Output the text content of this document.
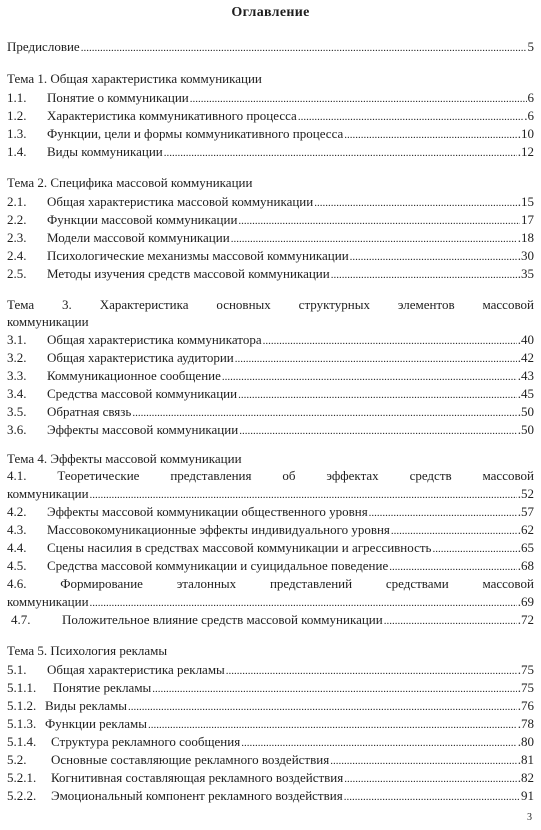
Оглавление
Предисловие .....	5
Тема 1. Общая характеристика коммуникации
1.1.	Понятие о коммуникации .....	6
1.2.	Характеристика коммуникативного процесса .....	.6
1.3.	Функции, цели и формы коммуникативного процесса .....	.10
1.4.	Виды коммуникации .....	.12
Тема 2. Специфика массовой коммуникации
2.1.	Общая характеристика массовой коммуникации .....	.15
2.2.	Функции массовой коммуникации .....	17
2.3.	Модели массовой коммуникации .....	.18
2.4.	Психологические механизмы массовой коммуникации .....	.30
2.5.	Методы изучения средств массовой коммуникации .....	.35
Тема 3. Характеристика основных структурных элементов массовой
коммуникации
3.1.	Общая характеристика коммуникатора .....	.40
3.2.	Общая характеристика аудитории .....	.42
3.3.	Коммуникационное сообщение .....	.43
3.4.	Средства массовой коммуникации .....	.45
3.5.	Обратная связь .....	.50
3.6.	Эффекты массовой коммуникации .....	.50
Тема 4. Эффекты массовой коммуникации
4.1. Теоретические представления об эффектах средств массовой
коммуникации .....	.52
4.2.	Эффекты массовой коммуникации общественного уровня .....	.57
4.3.	Массовокомуникационные эффекты индивидуального уровня .....	.62
4.4.	Сцены насилия в средствах массовой коммуникации и агрессивность .....	.65
4.5.	Средства массовой коммуникации и суицидальное поведение .....	.68
4.6.	Формирование	эталонных	представлений	средствами	массовой
коммуникации .....	.69
4.7.	Положительное влияние средств массовой коммуникации .....	.72
Тема 5. Психология рекламы
5.1.	Общая характеристика рекламы .....	.75
5.1.1.	Понятие рекламы .....	.75
5.1.2. Виды рекламы .....	.76
5.1.3. Функции рекламы .....	.78
5.1.4.	Структура рекламного сообщения .....	.80
5.2.	Основные составляющие рекламного воздействия .....	.81
5.2.1.	Когнитивная составляющая рекламного воздействия .....	.82
5.2.2.	Эмоциональный компонент рекламного воздействия .....	91
3
